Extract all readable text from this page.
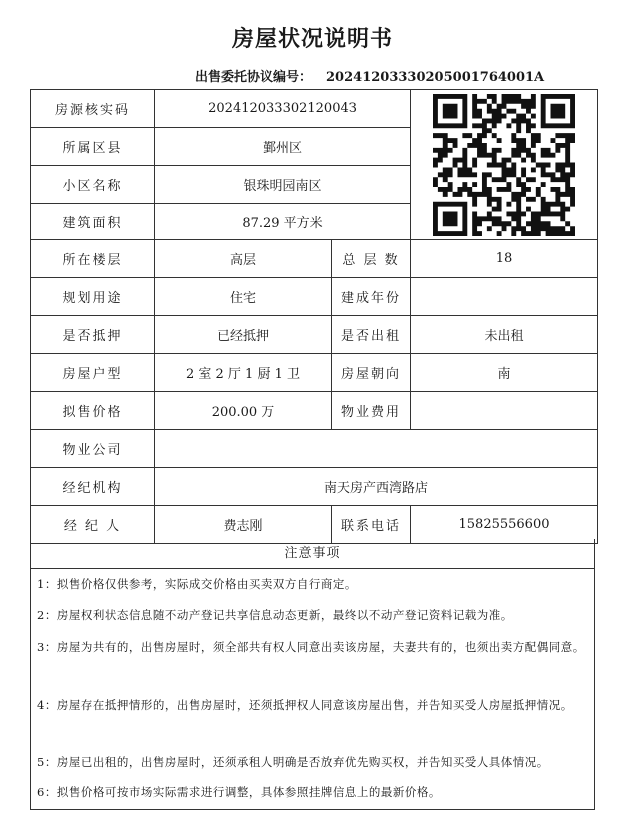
房屋状况说明书
出售委托协议编号： 20241203330205001764001A
房源核实码	20241203330212004З	

所属区县	鄞州区		
小区名称	银珠明园南区		
建筑面积	87.29 平方米		
所在楼层	高层	总 层 数	18
规划用途	住宅	建成年份	
是否抵押	已经抵押	是否出租	未出租
房屋户型	2 室 2 厅 1 厨 1 卫	房屋朝向	南
拟售价格	200.00 万	物业费用	
物业公司			
经纪机构	南天房产西湾路店		
经 纪 人	费志刚	联系电话	15825556600
注意事项
1：拟售价格仅供参考，实际成交价格由买卖双方自行商定。
2：房屋权利状态信息随不动产登记共享信息动态更新，最终以不动产登记资料记载为准。
3：房屋为共有的，出售房屋时，须全部共有权人同意出卖该房屋，夫妻共有的，也须出卖方配偶同意。
4：房屋存在抵押情形的，出售房屋时，还须抵押权人同意该房屋出售，并告知买受人房屋抵押情况。
5：房屋已出租的，出售房屋时，还须承租人明确是否放弃优先购买权，并告知买受人具体情况。
6：拟售价格可按市场实际需求进行调整，具体参照挂牌信息上的最新价格。
